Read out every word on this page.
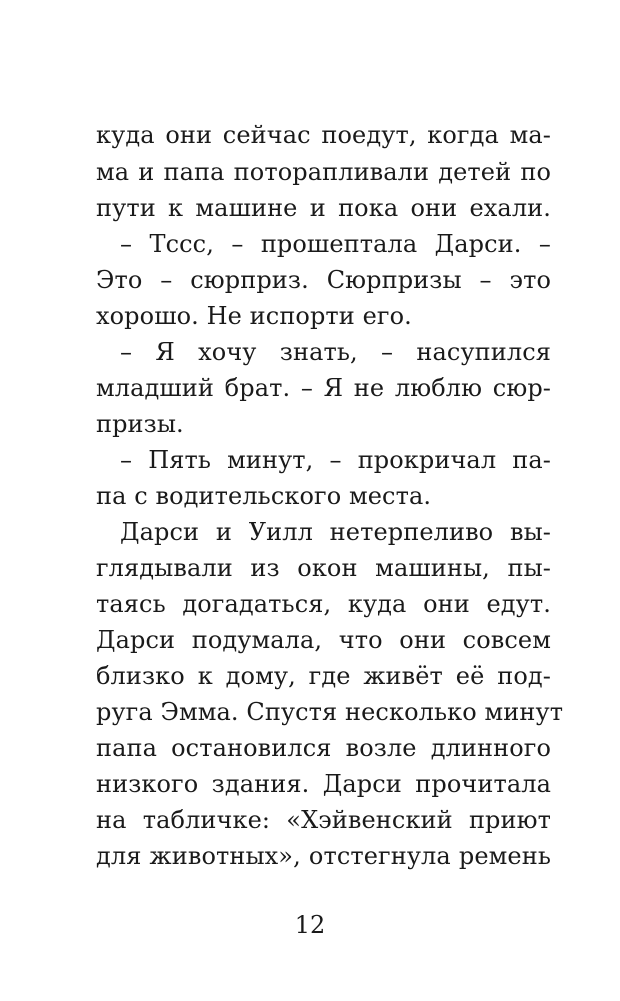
куда они сейчас поедут, когда ма-
ма и папа поторапливали детей по
пути к машине и пока они ехали.
– Тссс, – прошептала Дарси. –
Это – сюрприз. Сюрпризы – это
хорошо. Не испорти его.
– Я хочу знать, – насупился
младший брат. – Я не люблю сюр-
призы.
– Пять минут, – прокричал па-
па с водительского места.
Дарси и Уилл нетерпеливо вы-
глядывали из окон машины, пы-
таясь догадаться, куда они едут.
Дарси подумала, что они совсем
близко к дому, где живёт её под-
руга Эмма. Спустя несколько минут
папа остановился возле длинного
низкого здания. Дарси прочитала
на табличке: «Хэйвенский приют
для животных», отстегнула ремень
12
